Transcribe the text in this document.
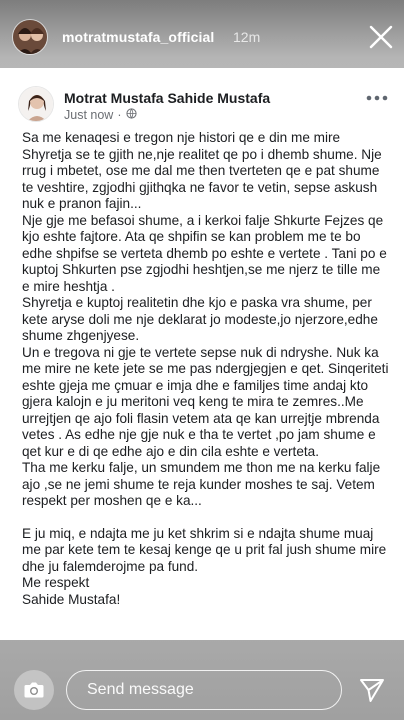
motratmustafa_official 12m
Motrat Mustafa Sahide Mustafa
Just now ·

Sa me kenaqesi e tregon nje histori qe e din me mire Shyretja se te gjith ne,nje realitet qe po i dhemb shume. Nje rrug i mbetet, ose me dal me then tverteten qe e pat shume te veshtire, zgjodhi gjithqka ne favor te vetin, sepse askush nuk e pranon fajin...

Nje gje me befasoi shume, a i kerkoi falje Shkurte Fejzes qe kjo eshte fajtore. Ata qe shpifin se kan problem me te bo edhe shpifse se verteta dhemb po eshte e vertete . Tani po e kuptoj Shkurten pse zgjodhi heshtjen,se me njerz te tille me e mire heshtja .

Shyretja e kuptoj realitetin dhe kjo e paska vra shume, per kete aryse doli me nje deklarat jo modeste,jo njerzore,edhe shume zhgenjyese.

Un e tregova ni gje te vertete sepse nuk di ndryshe. Nuk ka me mire ne kete jete se me pas ndergjegjen e qet. Sinqeriteti eshte gjeja me çmuar e imja dhe e familjes time andaj kto gjera kalojn e ju meritoni veq keng te mira te zemres..Me urrejtjen qe ajo foli flasin vetem ata qe kan urrejtje mbrenda vetes . As edhe nje gje nuk e tha te vertet ,po jam shume e qet kur e di qe edhe ajo e din cila eshte e verteta.

Tha me kerku falje, un smundem me thon me na kerku falje ajo ,se ne jemi shume te reja kunder moshes te saj. Vetem respekt per moshen qe e ka...

E ju miq, e ndajta me ju ket shkrim si e ndajta shume muaj me par kete tem te kesaj kenge qe u prit fal jush shume mire dhe ju falemderojme pa fund.

Me respekt

Sahide Mustafa!

Send message
